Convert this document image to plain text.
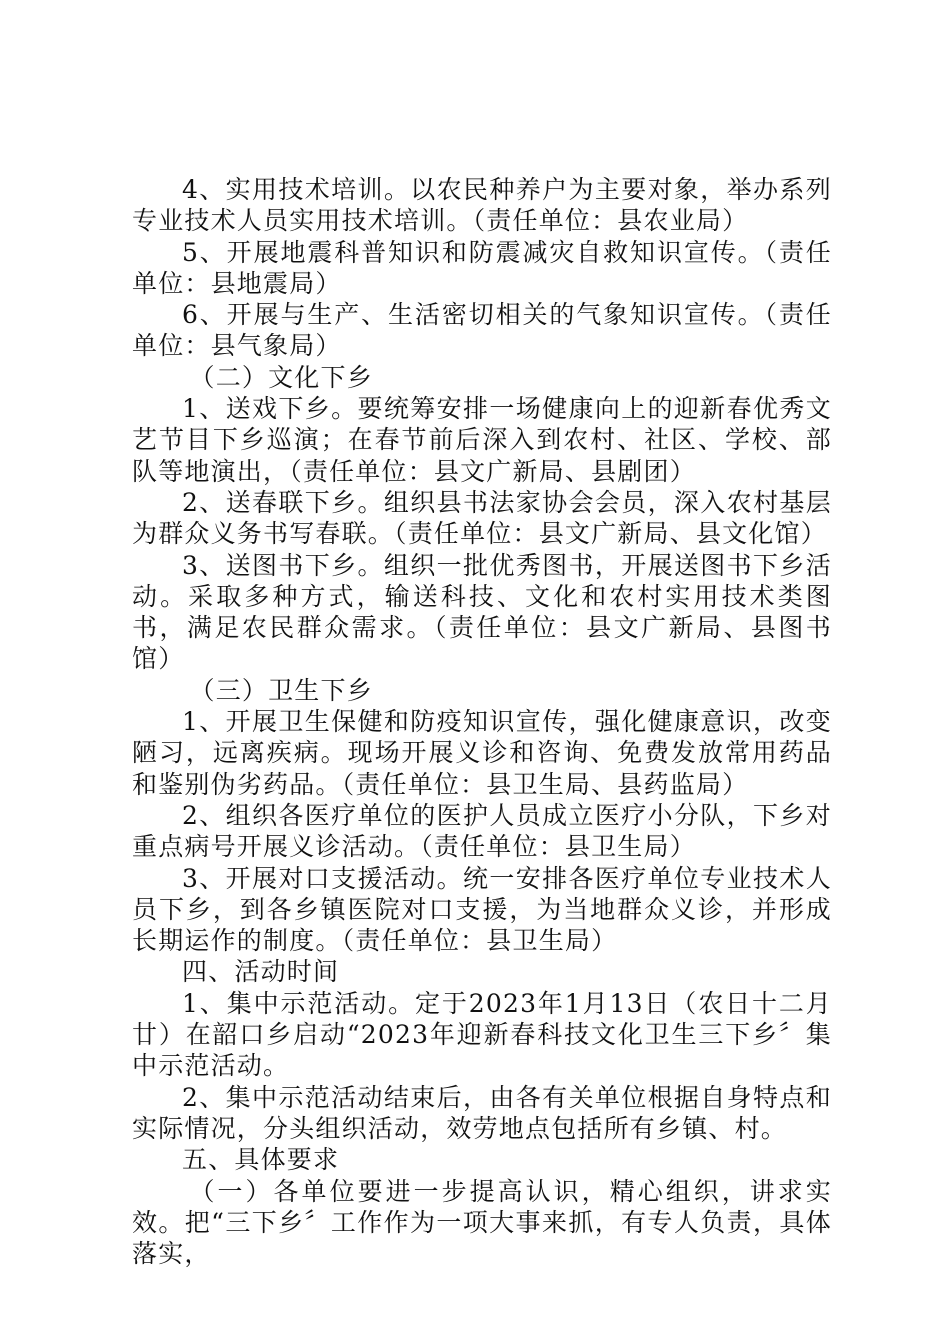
4、实用技术培训。以农民种养户为主要对象，举办系列专业技术人员实用技术培训。（责任单位：县农业局）

5、开展地震科普知识和防震减灾自救知识宣传。（责任单位：县地震局）

6、开展与生产、生活密切相关的气象知识宣传。（责任单位：县气象局）

（二）文化下乡

1、送戏下乡。要统筹安排一场健康向上的迎新春优秀文艺节目下乡巡演；在春节前后深入到农村、社区、学校、部队等地演出，（责任单位：县文广新局、县剧团）

2、送春联下乡。组织县书法家协会会员，深入农村基层为群众义务书写春联。（责任单位：县文广新局、县文化馆）

3、送图书下乡。组织一批优秀图书，开展送图书下乡活动。采取多种方式，输送科技、文化和农村实用技术类图书，满足农民群众需求。（责任单位：县文广新局、县图书馆）

（三）卫生下乡

1、开展卫生保健和防疫知识宣传，强化健康意识，改变陋习，远离疾病。现场开展义诊和咨询、免费发放常用药品和鉴别伪劣药品。（责任单位：县卫生局、县药监局）

2、组织各医疗单位的医护人员成立医疗小分队，下乡对重点病号开展义诊活动。（责任单位：县卫生局）

3、开展对口支援活动。统一安排各医疗单位专业技术人员下乡，到各乡镇医院对口支援，为当地群众义诊，并形成长期运作的制度。（责任单位：县卫生局）

四、活动时间

1、集中示范活动。定于2023年1月13日（农日十二月廿）在韶口乡启动“2023年迎新春科技文化卫生三下乡〞集中示范活动。

2、集中示范活动结束后，由各有关单位根据自身特点和实际情况，分头组织活动，效劳地点包括所有乡镇、村。

五、具体要求

（一）各单位要进一步提高认识，精心组织，讲求实效。把“三下乡〞工作作为一项大事来抓，有专人负责，具体落实，
